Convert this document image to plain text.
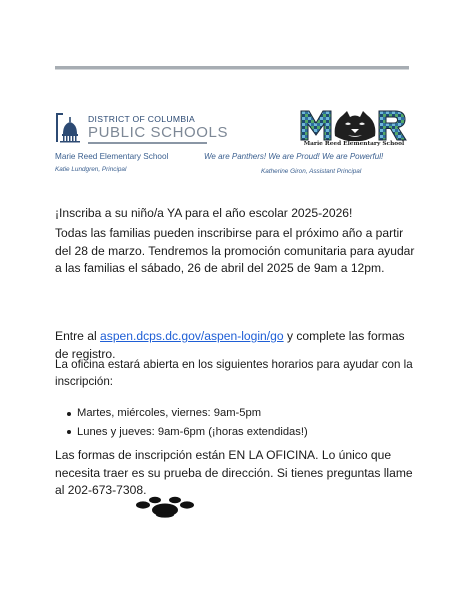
DISTRICT OF COLUMBIA
PUBLIC SCHOOLS
Marie Reed Elementary School
Katie Lundgren, Principal
We are Panthers! We are Proud! We are Powerful!
Katherine Giron, Assistant Principal
Marie Reed Elementary School
¡Inscriba a su niño/a YA para el año escolar 2025-2026!
Todas las familias pueden inscribirse para el próximo año a partir del 28 de marzo. Tendremos la promoción comunitaria para ayudar a las familias el sábado, 26 de abril del 2025 de 9am a 12pm.
Entre al aspen.dcps.dc.gov/aspen-login/go y complete las formas de registro.
La oficina estará abierta en los siguientes horarios para ayudar con la inscripción:
Martes, miércoles, viernes: 9am-5pm
Lunes y jueves: 9am-6pm (¡horas extendidas!)
Las formas de inscripción están EN LA OFICINA. Lo único que necesita traer es su prueba de dirección. Si tienes preguntas llame al 202-673-7308.
